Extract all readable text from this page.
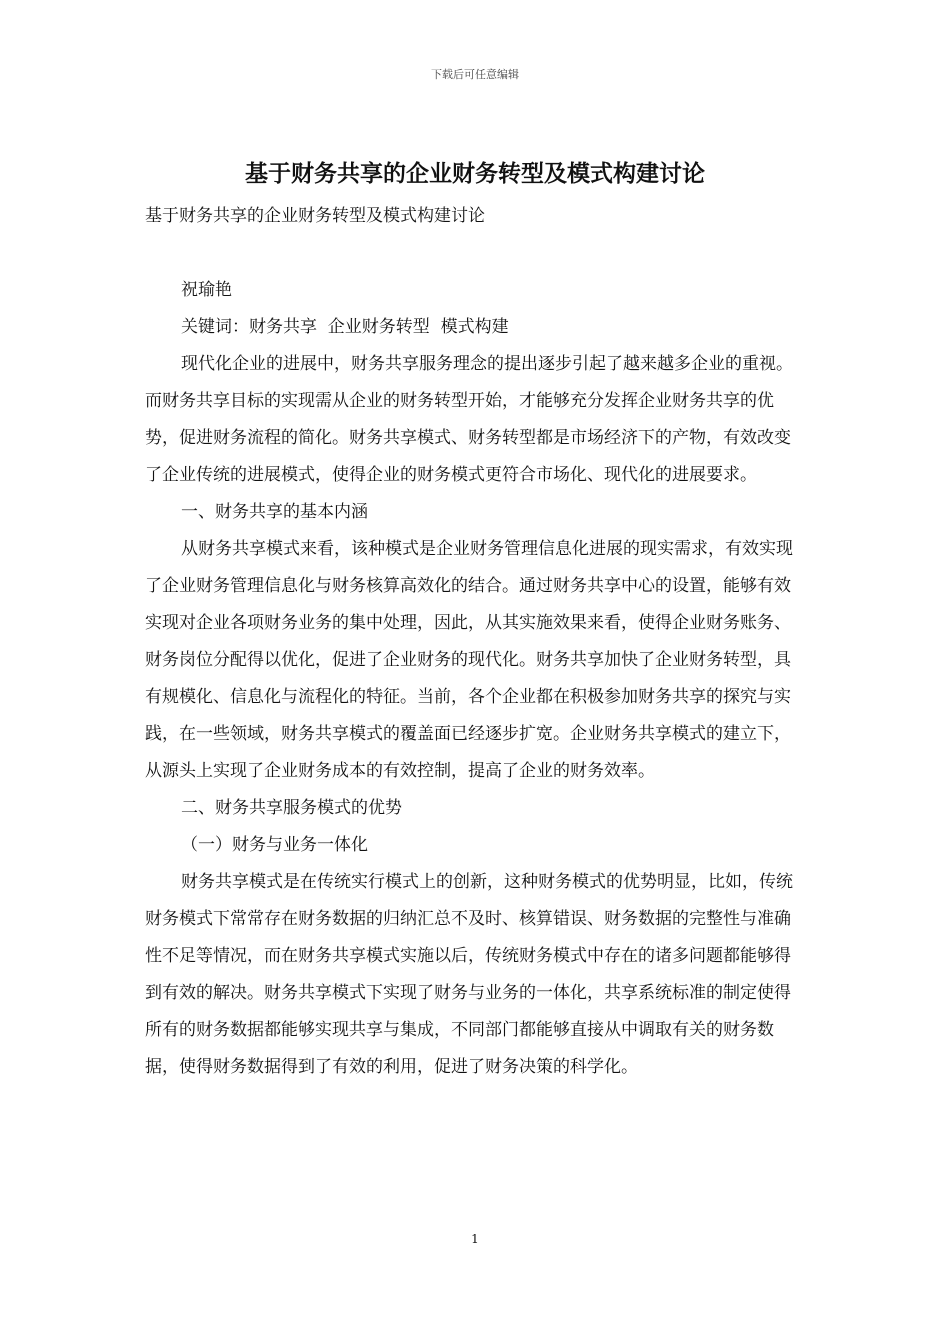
下载后可任意编辑
基于财务共享的企业财务转型及模式构建讨论

基于财务共享的企业财务转型及模式构建讨论

祝瑜艳

关键词：财务共享  企业财务转型  模式构建

现代化企业的进展中，财务共享服务理念的提出逐步引起了越来越多企业的重视。而财务共享目标的实现需从企业的财务转型开始，才能够充分发挥企业财务共享的优势，促进财务流程的简化。财务共享模式、财务转型都是市场经济下的产物，有效改变了企业传统的进展模式，使得企业的财务模式更符合市场化、现代化的进展要求。

一、财务共享的基本内涵

从财务共享模式来看，该种模式是企业财务管理信息化进展的现实需求，有效实现了企业财务管理信息化与财务核算高效化的结合。通过财务共享中心的设置，能够有效实现对企业各项财务业务的集中处理，因此，从其实施效果来看，使得企业财务账务、财务岗位分配得以优化，促进了企业财务的现代化。财务共享加快了企业财务转型，具有规模化、信息化与流程化的特征。当前，各个企业都在积极参加财务共享的探究与实践，在一些领域，财务共享模式的覆盖面已经逐步扩宽。企业财务共享模式的建立下，从源头上实现了企业财务成本的有效控制，提高了企业的财务效率。

二、财务共享服务模式的优势

（一）财务与业务一体化

财务共享模式是在传统实行模式上的创新，这种财务模式的优势明显，比如，传统财务模式下常常存在财务数据的归纳汇总不及时、核算错误、财务数据的完整性与准确性不足等情况，而在财务共享模式实施以后，传统财务模式中存在的诸多问题都能够得到有效的解决。财务共享模式下实现了财务与业务的一体化，共享系统标准的制定使得所有的财务数据都能够实现共享与集成，不同部门都能够直接从中调取有关的财务数据，使得财务数据得到了有效的利用，促进了财务决策的科学化。

1
